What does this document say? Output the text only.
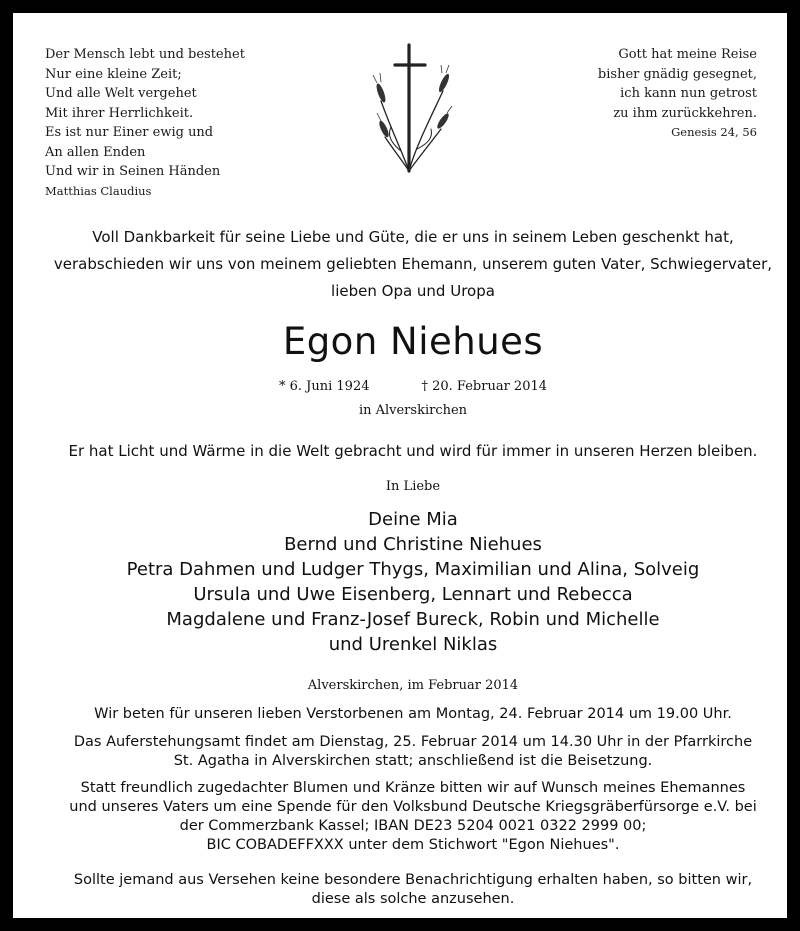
Der Mensch lebt und bestehet
Nur eine kleine Zeit;
Und alle Welt vergehet
Mit ihrer Herrlichkeit.
Es ist nur Einer ewig und
An allen Enden
Und wir in Seinen Händen
Matthias Claudius
Gott hat meine Reise
bisher gnädig gesegnet,
ich kann nun getrost
zu ihm zurückkehren.
Genesis 24, 56
Voll Dankbarkeit für seine Liebe und Güte, die er uns in seinem Leben geschenkt hat,
verabschieden wir uns von meinem geliebten Ehemann, unserem guten Vater, Schwiegervater,
lieben Opa und Uropa
Egon Niehues
* 6. Juni 1924	† 20. Februar 2014
in Alverskirchen
Er hat Licht und Wärme in die Welt gebracht und wird für immer in unseren Herzen bleiben.
In Liebe
Deine Mia
Bernd und Christine Niehues
Petra Dahmen und Ludger Thygs, Maximilian und Alina, Solveig
Ursula und Uwe Eisenberg, Lennart und Rebecca
Magdalene und Franz-Josef Bureck, Robin und Michelle
und Urenkel Niklas
Alverskirchen, im Februar 2014
Wir beten für unseren lieben Verstorbenen am Montag, 24. Februar 2014 um 19.00 Uhr.
Das Auferstehungsamt findet am Dienstag, 25. Februar 2014 um 14.30 Uhr in der Pfarrkirche
St. Agatha in Alverskirchen statt; anschließend ist die Beisetzung.
Statt freundlich zugedachter Blumen und Kränze bitten wir auf Wunsch meines Ehemannes
und unseres Vaters um eine Spende für den Volksbund Deutsche Kriegsgräberfürsorge e.V. bei
der Commerzbank Kassel; IBAN DE23 5204 0021 0322 2999 00;
BIC COBADEFFXXX unter dem Stichwort "Egon Niehues".
Sollte jemand aus Versehen keine besondere Benachrichtigung erhalten haben, so bitten wir,
diese als solche anzusehen.
